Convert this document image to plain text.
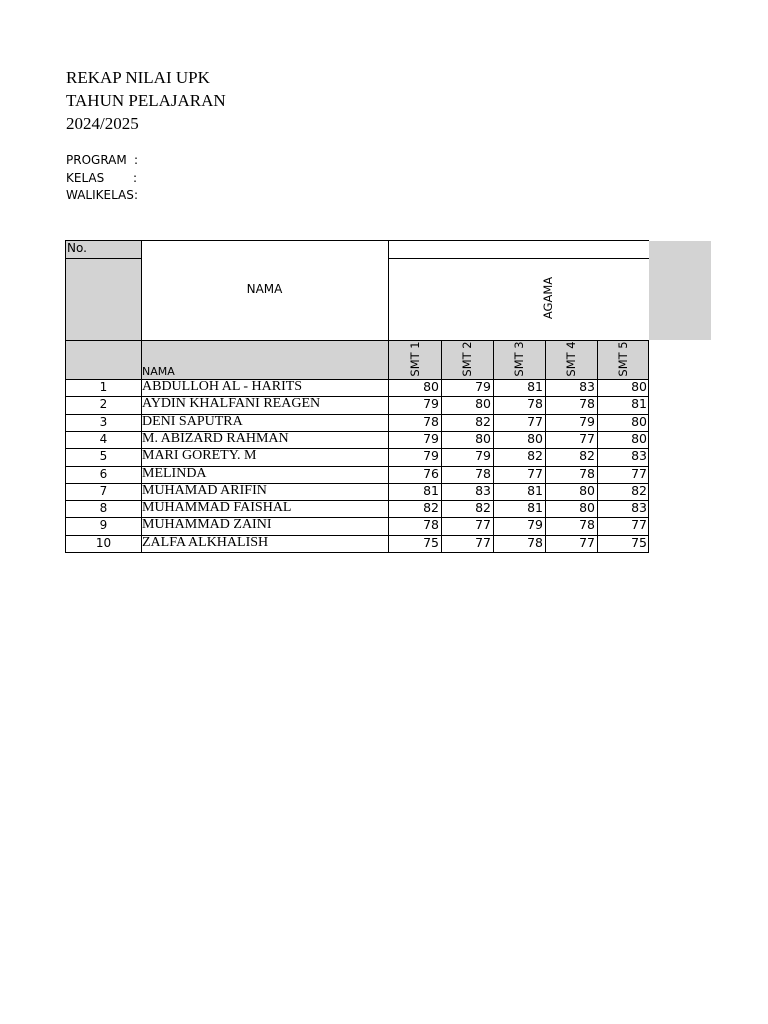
REKAP NILAI UPK
TAHUN PELAJARAN
2024/2025
PROGRAM :
KELAS :
WALIKELAS :
No.
NAMA
NAMA
AGAMA
SMT 1	SMT 2	SMT 3	SMT 4	SMT 5
1	ABDULLOH AL - HARITS	80	79	81	83	80
2	AYDIN KHALFANI REAGEN	79	80	78	78	81
3	DENI SAPUTRA	78	82	77	79	80
4	M. ABIZARD RAHMAN	79	80	80	77	80
5	MARI GORETY. M	79	79	82	82	83
6	MELINDA	76	78	77	78	77
7	MUHAMAD ARIFIN	81	83	81	80	82
8	MUHAMMAD FAISHAL	82	82	81	80	83
9	MUHAMMAD ZAINI	78	77	79	78	77
10	ZALFA ALKHALISH	75	77	78	77	75
